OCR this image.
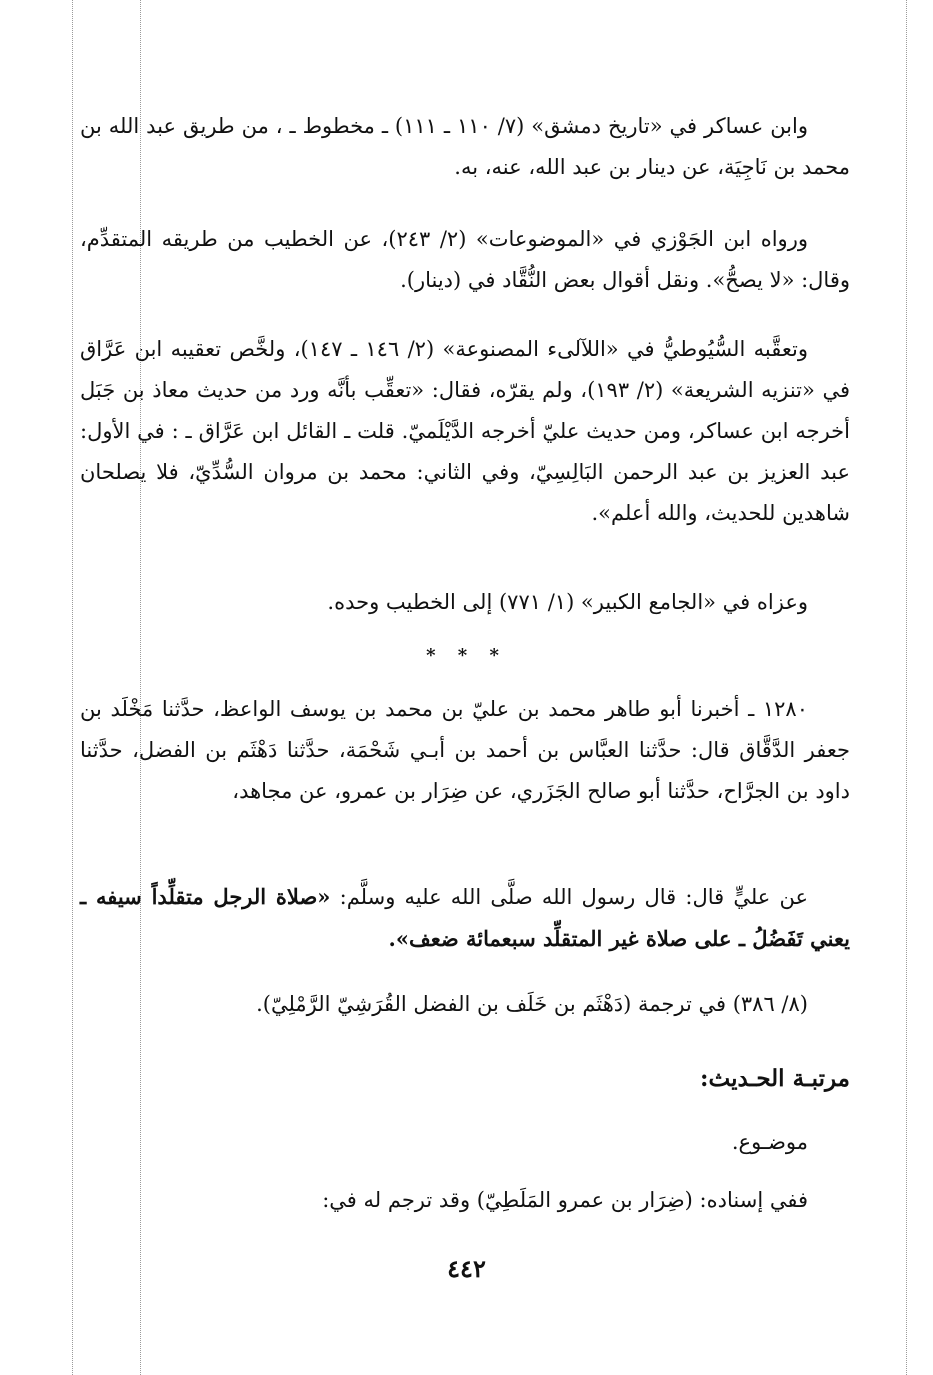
وابن عساكر في «تاريخ دمشق» (٧/ ١١٠ ـ ١١١) ـ مخطوط ـ ، من طريق عبد الله بن محمد بن نَاجِيَة، عن دينار بن عبد الله، عنه، به.
ورواه ابن الجَوْزي في «الموضوعات» (٢/ ٢٤٣)، عن الخطيب من طريقه المتقدِّم، وقال: «لا يصحُّ». ونقل أقوال بعض النُّقَّاد في (دينار).
وتعقَّبه السُّيُوطيُّ في «اللآلىء المصنوعة» (٢/ ١٤٦ ـ ١٤٧)، ولخَّص تعقيبه ابن عَرَّاق في «تنزيه الشريعة» (٢/ ١٩٣)، ولم يقرّه، فقال: «تعقِّب بأنَّه ورد من حديث معاذ بن جَبَل أخرجه ابن عساكر، ومن حديث عليّ أخرجه الدَّيْلَميّ. قلت ـ القائل ابن عَرَّاق ـ : في الأول: عبد العزيز بن عبد الرحمن البَالِسِيّ، وفي الثاني: محمد بن مروان السُّدِّيّ، فلا يصلحان شاهدين للحديث، والله أعلم».
وعزاه في «الجامع الكبير» (١/ ٧٧١) إلى الخطيب وحده.
* * *
١٢٨٠ ـ أخبرنا أبو طاهر محمد بن عليّ بن محمد بن يوسف الواعظ، حدَّثنا مَخْلَد بن جعفر الدَّقَّاق قال: حدَّثنا العبَّاس بن أحمد بن أبـي شَحْمَة، حدَّثنا دَهْثَم بن الفضل، حدَّثنا داود بن الجرَّاح، حدَّثنا أبو صالح الجَزَري، عن ضِرَار بن عمرو، عن مجاهد،
عن عليٍّ قال: قال رسول الله صلَّى الله عليه وسلَّم: «صلاة الرجل متقلِّداً سيفه ـ يعني تَفَضُلُ ـ على صلاة غير المتقلِّد سبعمائة ضعف».
(٨/ ٣٨٦) في ترجمة (دَهْثَم بن خَلَف بن الفضل القُرَشِيّ الرَّمْلِيّ).
مرتبـة الحـديث:
موضـوع.
ففي إسناده: (ضِرَار بن عمرو المَلَطِيّ) وقد ترجم له في:
٤٤٢
